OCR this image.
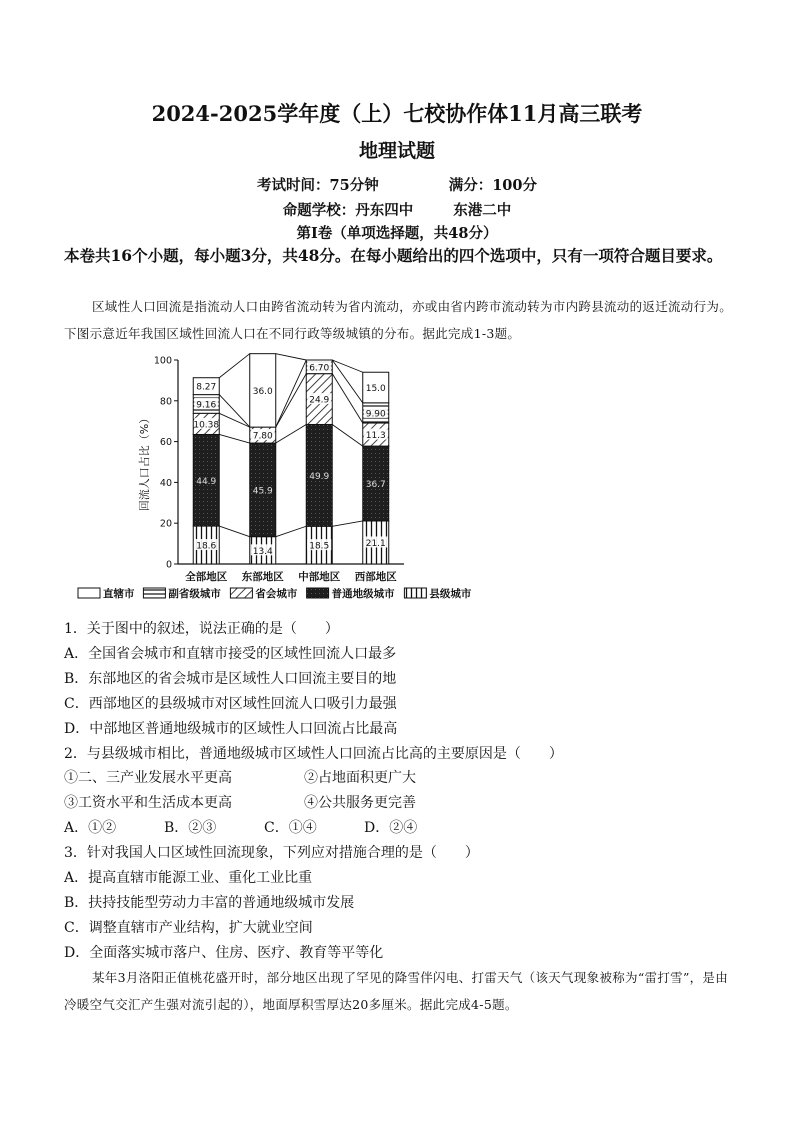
2024-2025学年度（上）七校协作体11月高三联考
地理试题
考试时间：75分钟	满分：100分
命题学校：丹东四中	东港二中
第Ⅰ卷（单项选择题，共48分）
本卷共16个小题，每小题3分，共48分。在每小题给出的四个选项中，只有一项符合题目要求。
区域性人口回流是指流动人口由跨省流动转为省内流动，亦或由省内跨市流动转为市内跨县流动的返迁流动行为。下图示意近年我国区域性回流人口在不同行政等级城镇的分布。据此完成1-3题。
回流人口占比（%）
0
20
40
60
80
100
18.6
44.9
10.38
9.16
8.27
13.4
45.9
7.80
36.0
18.5
49.9
24.9
6.70
21.1
36.7
11.3
9.90
15.0
全部地区 东部地区 中部地区 西部地区
直辖市	副省级城市	省会城市	普通地级城市	县级城市
1．关于图中的叙述，说法正确的是（　　）
A．全国省会城市和直辖市接受的区域性回流人口最多
B．东部地区的省会城市是区域性人口回流主要目的地
C．西部地区的县级城市对区域性回流人口吸引力最强
D．中部地区普通地级城市的区域性人口回流占比最高
2．与县级城市相比，普通地级城市区域性人口回流占比高的主要原因是（　　）
①二、三产业发展水平更高	②占地面积更广大
③工资水平和生活成本更高	④公共服务更完善
A．①②	B．②③	C．①④	D．②④
3．针对我国人口区域性回流现象，下列应对措施合理的是（　　）
A．提高直辖市能源工业、重化工业比重
B．扶持技能型劳动力丰富的普通地级城市发展
C．调整直辖市产业结构，扩大就业空间
D．全面落实城市落户、住房、医疗、教育等平等化
某年3月洛阳正值桃花盛开时，部分地区出现了罕见的降雪伴闪电、打雷天气（该天气现象被称为“雷打雪”，是由冷暖空气交汇产生强对流引起的），地面厚积雪厚达20多厘米。据此完成4-5题。
